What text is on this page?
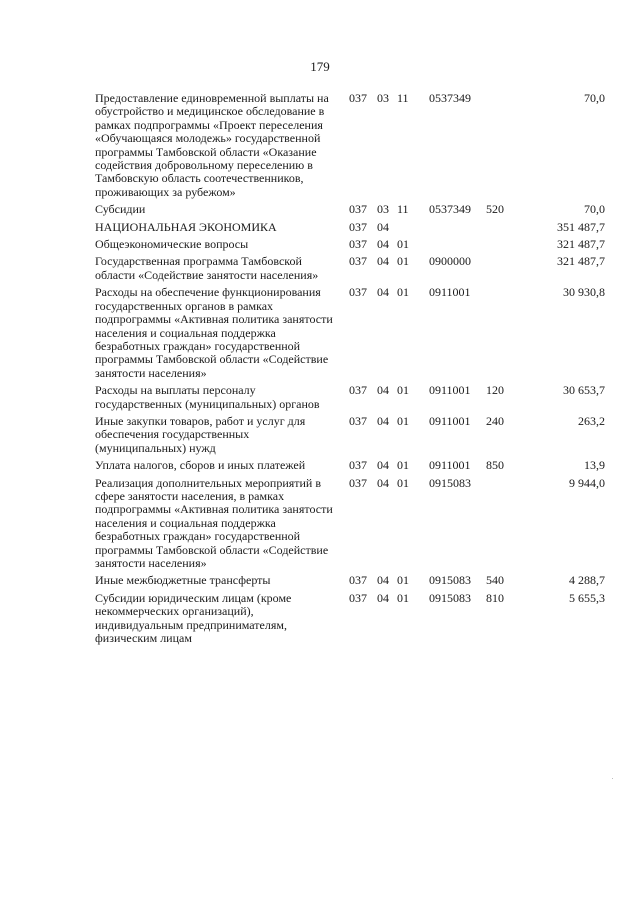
179
Предоставление единовременной выплаты на обустройство и медицинское обследование в рамках подпрограммы «Проект переселения «Обучающаяся молодежь» государственной программы Тамбовской области «Оказание содействия добровольному переселению в Тамбовскую область соотечественников, проживающих за рубежом»	037	03	11	0537349		70,0
Субсидии	037	03	11	0537349	520	70,0
НАЦИОНАЛЬНАЯ ЭКОНОМИКА	037	04				351 487,7
Общеэкономические вопросы	037	04	01			321 487,7
Государственная программа Тамбовской области «Содействие занятости населения»	037	04	01	0900000		321 487,7
Расходы на обеспечение функционирования государственных органов в рамках подпрограммы «Активная политика занятости населения и социальная поддержка безработных граждан» государственной программы Тамбовской области «Содействие занятости населения»	037	04	01	0911001		30 930,8
Расходы на выплаты персоналу государственных (муниципальных) органов	037	04	01	0911001	120	30 653,7
Иные закупки товаров, работ и услуг для обеспечения государственных (муниципальных) нужд	037	04	01	0911001	240	263,2
Уплата налогов, сборов и иных платежей	037	04	01	0911001	850	13,9
Реализация дополнительных мероприятий в сфере занятости населения, в рамках подпрограммы «Активная политика занятости населения и социальная поддержка безработных граждан» государственной программы Тамбовской области «Содействие занятости населения»	037	04	01	0915083		9 944,0
Иные межбюджетные трансферты	037	04	01	0915083	540	4 288,7
Субсидии юридическим лицам (кроме некоммерческих организаций), индивидуальным предпринимателям, физическим лицам	037	04	01	0915083	810	5 655,3
